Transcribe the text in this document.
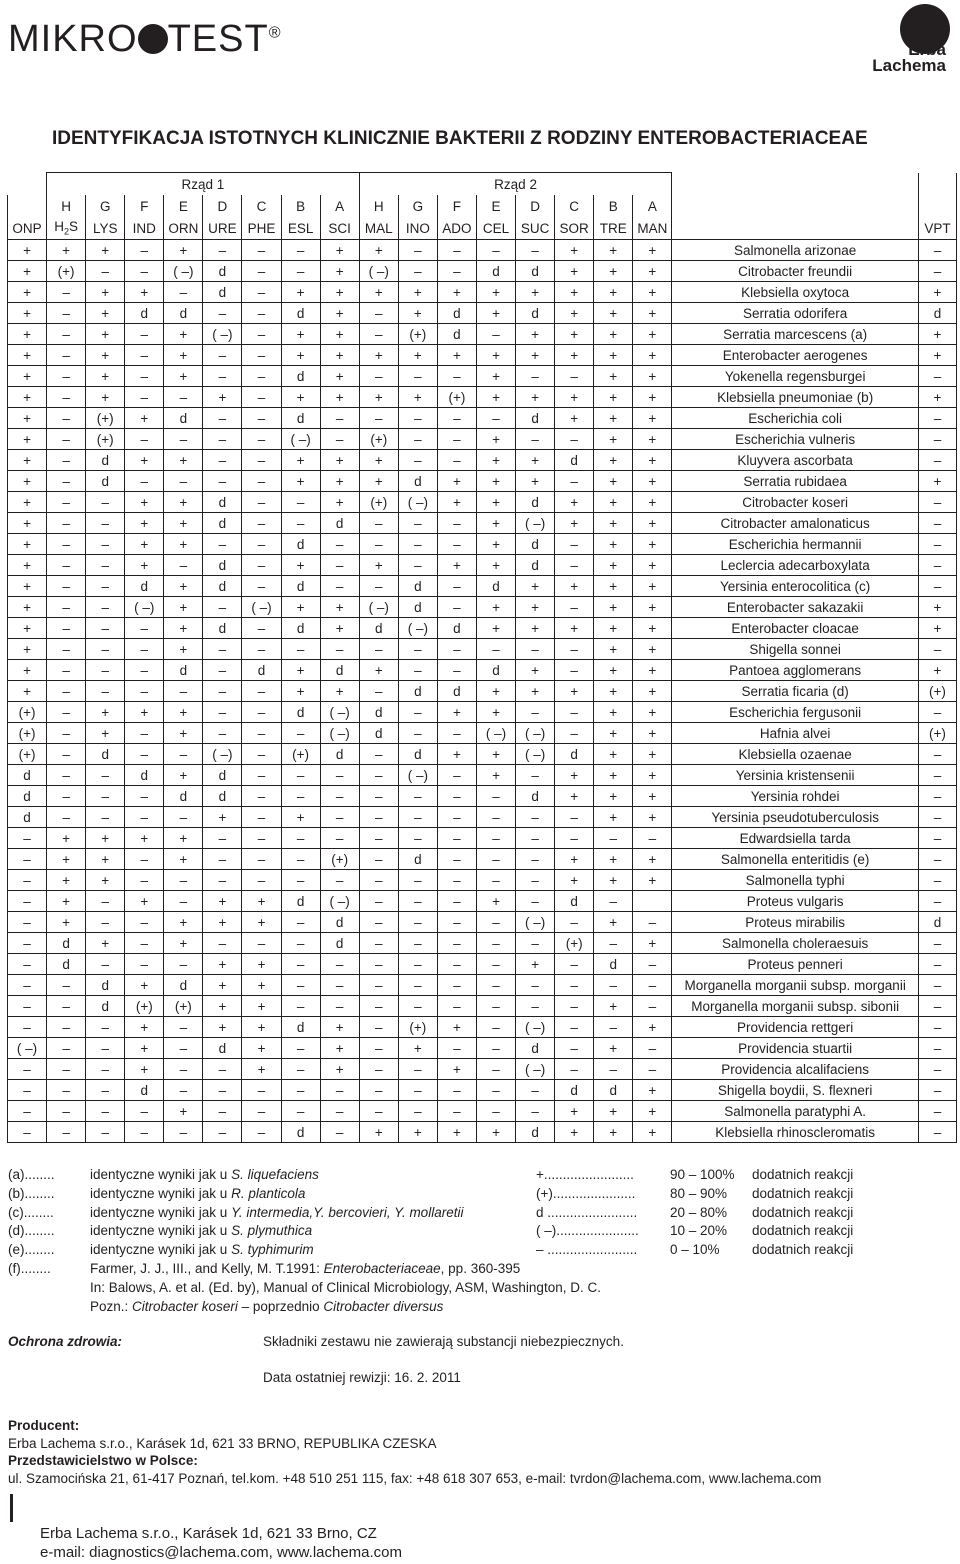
MIKRO TEST®
Erba
Lachema
IDENTYFIKACJA ISTOTNYCH KLINICZNIE BAKTERII Z RODZINY ENTEROBACTERIACEAE
	Rząd 1								Rząd 2									
	H	G	F	E	D	C	B	A	H	G	F	E	D	C	B	A		
ONP	$H_2S$	LYS	IND	ORN	URE	PHE	ESL	SCI	MAL	INO	ADO	CEL	SUC	SOR	TRE	MAN		VPT
+	+	+	–	+	–	–	–	+	+	–	–	–	–	+	+	+	Salmonella arizonae	–
+	(+)	–	–	( –)	d	–	–	+	( –)	–	–	d	d	+	+	+	Citrobacter freundii	–
+	–	+	+	–	d	–	+	+	+	+	+	+	+	+	+	+	Klebsiella oxytoca	+
+	–	+	d	d	–	–	d	+	–	+	d	+	d	+	+	+	Serratia odorifera	d
+	–	+	–	+	( –)	–	+	+	–	(+)	d	–	+	+	+	+	Serratia marcescens (a)	+
+	–	+	–	+	–	–	+	+	+	+	+	+	+	+	+	+	Enterobacter aerogenes	+
+	–	+	–	+	–	–	d	+	–	–	–	+	–	–	+	+	Yokenella regensburgei	–
+	–	+	–	–	+	–	+	+	+	+	(+)	+	+	+	+	+	Klebsiella pneumoniae (b)	+
+	–	(+)	+	d	–	–	d	–	–	–	–	–	d	+	+	+	Escherichia coli	–
+	–	(+)	–	–	–	–	( –)	–	(+)	–	–	+	–	–	+	+	Escherichia vulneris	–
+	–	d	+	+	–	–	+	+	+	–	–	+	+	d	+	+	Kluyvera ascorbata	–
+	–	d	–	–	–	–	+	+	+	d	+	+	+	–	+	+	Serratia rubidaea	+
+	–	–	+	+	d	–	–	+	(+)	( –)	+	+	d	+	+	+	Citrobacter koseri	–
+	–	–	+	+	d	–	–	d	–	–	–	+	( –)	+	+	+	Citrobacter amalonaticus	–
+	–	–	+	+	–	–	d	–	–	–	–	+	d	–	+	+	Escherichia hermannii	–
+	–	–	+	–	d	–	+	–	+	–	+	+	d	–	+	+	Leclercia adecarboxylata	–
+	–	–	d	+	d	–	d	–	–	d	–	d	+	+	+	+	Yersinia enterocolitica (c)	–
+	–	–	( –)	+	–	( –)	+	+	( –)	d	–	+	+	–	+	+	Enterobacter sakazakii	+
+	–	–	–	+	d	–	d	+	d	( –)	d	+	+	+	+	+	Enterobacter cloacae	+
+	–	–	–	+	–	–	–	–	–	–	–	–	–	–	+	+	Shigella sonnei	–
+	–	–	–	d	–	d	+	d	+	–	–	d	+	–	+	+	Pantoea agglomerans	+
+	–	–	–	–	–	–	+	+	–	d	d	+	+	+	+	+	Serratia ficaria (d)	(+)
(+)	–	+	+	+	–	–	d	( –)	d	–	+	+	–	–	+	+	Escherichia fergusonii	–
(+)	–	+	–	+	–	–	–	( –)	d	–	–	( –)	( –)	–	+	+	Hafnia alvei	(+)
(+)	–	d	–	–	( –)	–	(+)	d	–	d	+	+	( –)	d	+	+	Klebsiella ozaenae	–
d	–	–	d	+	d	–	–	–	–	( –)	–	+	–	+	+	+	Yersinia kristensenii	–
d	–	–	–	d	d	–	–	–	–	–	–	–	d	+	+	+	Yersinia rohdei	–
d	–	–	–	–	+	–	+	–	–	–	–	–	–	–	+	+	Yersinia pseudotuberculosis	–
–	+	+	+	+	–	–	–	–	–	–	–	–	–	–	–	–	Edwardsiella tarda	–
–	+	+	–	+	–	–	–	(+)	–	d	–	–	–	+	+	+	Salmonella enteritidis (e)	–
–	+	+	–	–	–	–	–	–	–	–	–	–	–	+	+	+	Salmonella typhi	–
–	+	–	+	–	+	+	d	( –)	–	–	–	+	–	d	–		Proteus vulgaris	–
–	+	–	–	+	+	+	–	d	–	–	–	–	( –)	–	+	–	Proteus mirabilis	d
–	d	+	–	+	–	–	–	d	–	–	–	–	–	(+)	–	+	Salmonella choleraesuis	–
–	d	–	–	–	+	+	–	–	–	–	–	–	+	–	d	–	Proteus penneri	–
–	–	d	+	d	+	+	–	–	–	–	–	–	–	–	–	–	Morganella morganii subsp. morganii	–
–	–	d	(+)	(+)	+	+	–	–	–	–	–	–	–	–	+	–	Morganella morganii subsp. sibonii	–
–	–	–	+	–	+	+	d	+	–	(+)	+	–	( –)	–	–	+	Providencia rettgeri	–
( –)	–	–	+	–	d	+	–	+	–	+	–	–	d	–	+	–	Providencia stuartii	–
–	–	–	+	–	–	+	–	+	–	–	+	–	( –)	–	–	–	Providencia alcalifaciens	–
–	–	–	d	–	–	–	–	–	–	–	–	–	–	d	d	+	Shigella boydii, S. flexneri	–
–	–	–	–	+	–	–	–	–	–	–	–	–	–	+	+	+	Salmonella paratyphi A.	–
–	–	–	–	–	–	–	d	–	+	+	+	+	d	+	+	+	Klebsiella rhinoscleromatis	–
(a)........	identyczne wyniki jak u S. liquefaciens
(b)........	identyczne wyniki jak u R. planticola
(c)........	identyczne wyniki jak u Y. intermedia,Y. bercovieri, Y. mollaretii
(d)........	identyczne wyniki jak u S. plymuthica
(e)........	identyczne wyniki jak u S. typhimurim
(f)........	Farmer, J. J., III., and Kelly, M. T.1991: Enterobacteriaceae, pp. 360-395
In: Balows, A. et al. (Ed. by), Manual of Clinical Microbiology, ASM, Washington, D. C.
Pozn.: Citrobacter koseri – poprzednio Citrobacter diversus
+........................	90 – 100% dodatnich reakcji
(+)......................	80 – 90% dodatnich reakcji
d ........................ 20 – 80% dodatnich reakcji
( –)...................... 10 – 20% dodatnich reakcji
– ........................ 0 – 10% dodatnich reakcji
Ochrona zdrowia:	Składniki zestawu nie zawierają substancji niebezpiecznych.
Data ostatniej rewizji: 16. 2. 2011
Producent:
Erba Lachema s.r.o., Karásek 1d, 621 33 BRNO, REPUBLIKA CZESKA
Przedstawicielstwo w Polsce:
ul. Szamocińska 21, 61-417 Poznań, tel.kom. +48 510 251 115, fax: +48 618 307 653, e-mail: tvrdon@lachema.com, www.lachema.com
Erba Lachema s.r.o., Karásek 1d, 621 33 Brno, CZ
e-mail: diagnostics@lachema.com, www.lachema.com
